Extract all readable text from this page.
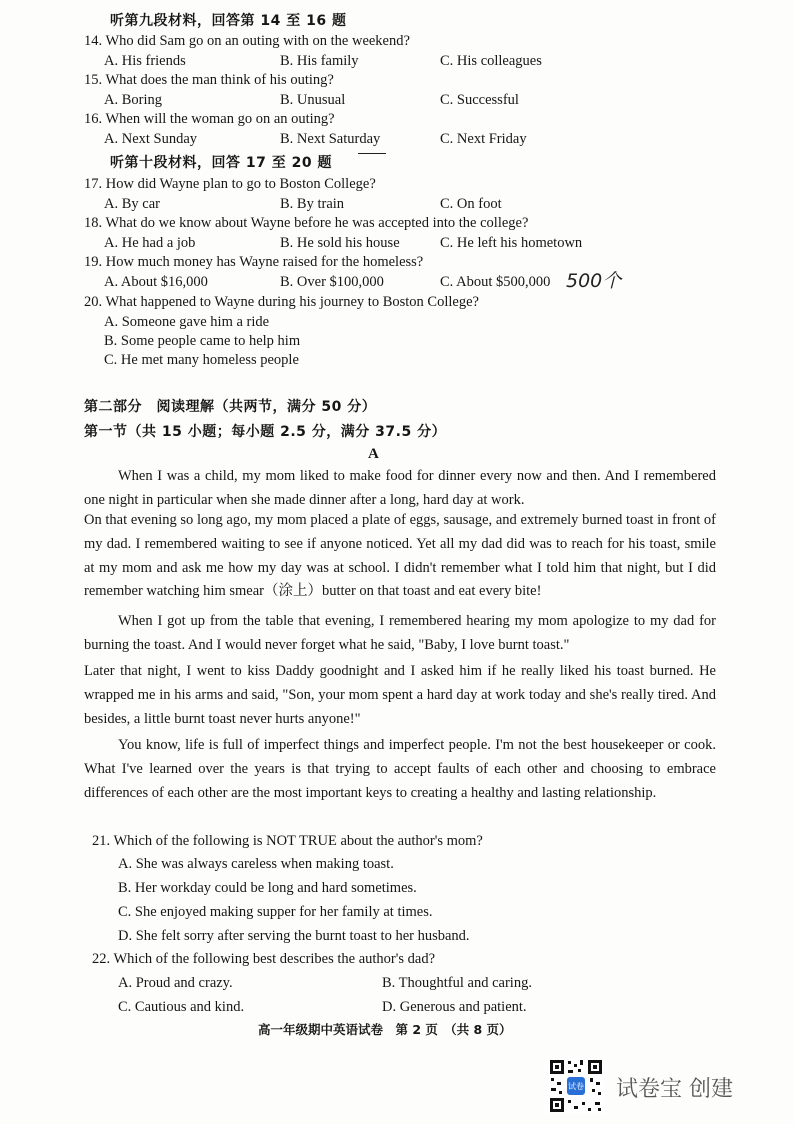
听第九段材料，回答第 14 至 16 题
14. Who did Sam go on an outing with on the weekend?
A. His friends	B. His family	C. His colleagues
15. What does the man think of his outing?
A. Boring	B. Unusual	C. Successful
16. When will the woman go on an outing?
A. Next Sunday	B. Next Saturday	C. Next Friday
听第十段材料，回答 17 至 20 题
17. How did Wayne plan to go to Boston College?
A. By car	B. By train	C. On foot
18. What do we know about Wayne before he was accepted into the college?
A. He had a job	B. He sold his house	C. He left his hometown
19. How much money has Wayne raised for the homeless?
A. About $16,000	B. Over $100,000	C. About $500,000 500个
20. What happened to Wayne during his journey to Boston College?
A. Someone gave him a ride
B. Some people came to help him
C. He met many homeless people
第二部分　阅读理解（共两节，满分 50 分）
第一节（共 15 小题；每小题 2.5 分，满分 37.5 分）
A

When I was a child, my mom liked to make food for dinner every now and then. And I remembered one night in particular when she made dinner after a long, hard day at work.

On that evening so long ago, my mom placed a plate of eggs, sausage, and extremely burned toast in front of my dad. I remembered waiting to see if anyone noticed. Yet all my dad did was to reach for his toast, smile at my mom and ask me how my day was at school. I didn't remember what I told him that night, but I did remember watching him smear（涂上）butter on that toast and eat every bite!

When I got up from the table that evening, I remembered hearing my mom apologize to my dad for burning the toast. And I would never forget what he said, "Baby, I love burnt toast."

Later that night, I went to kiss Daddy goodnight and I asked him if he really liked his toast burned. He wrapped me in his arms and said, "Son, your mom spent a hard day at work today and she's really tired. And besides, a little burnt toast never hurts anyone!"

You know, life is full of imperfect things and imperfect people. I'm not the best housekeeper or cook. What I've learned over the years is that trying to accept faults of each other and choosing to embrace differences of each other are the most important keys to creating a healthy and lasting relationship.

21. Which of the following is NOT TRUE about the author's mom?
A. She was always careless when making toast.
B. Her workday could be long and hard sometimes.
C. She enjoyed making supper for her family at times.
D. She felt sorry after serving the burnt toast to her husband.
22. Which of the following best describes the author's dad?
A. Proud and crazy.	B. Thoughtful and caring.
C. Cautious and kind.	D. Generous and patient.
高一年级期中英语试卷　第 2 页　（共 8 页）
试卷 试卷宝 创建
